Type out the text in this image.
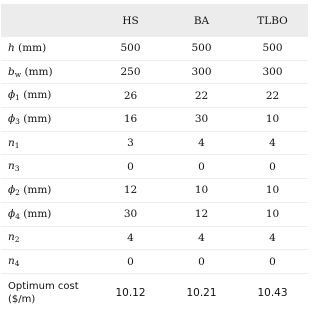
	HS	BA	TLBO
h (mm)	500	500	500
$b_w$ (mm)	250	300	300
$\phi_1$ (mm)	26	22	22
$\phi_3$ (mm)	16	30	10
$n_1$	3	4	4
$n_3$	0	0	0
$\phi_2$ (mm)	12	10	10
$\phi_4$ (mm)	30	12	10
$n_2$	4	4	4
$n_4$	0	0	0

Optimum cost
($/m)	10.12	10.21	10.43
